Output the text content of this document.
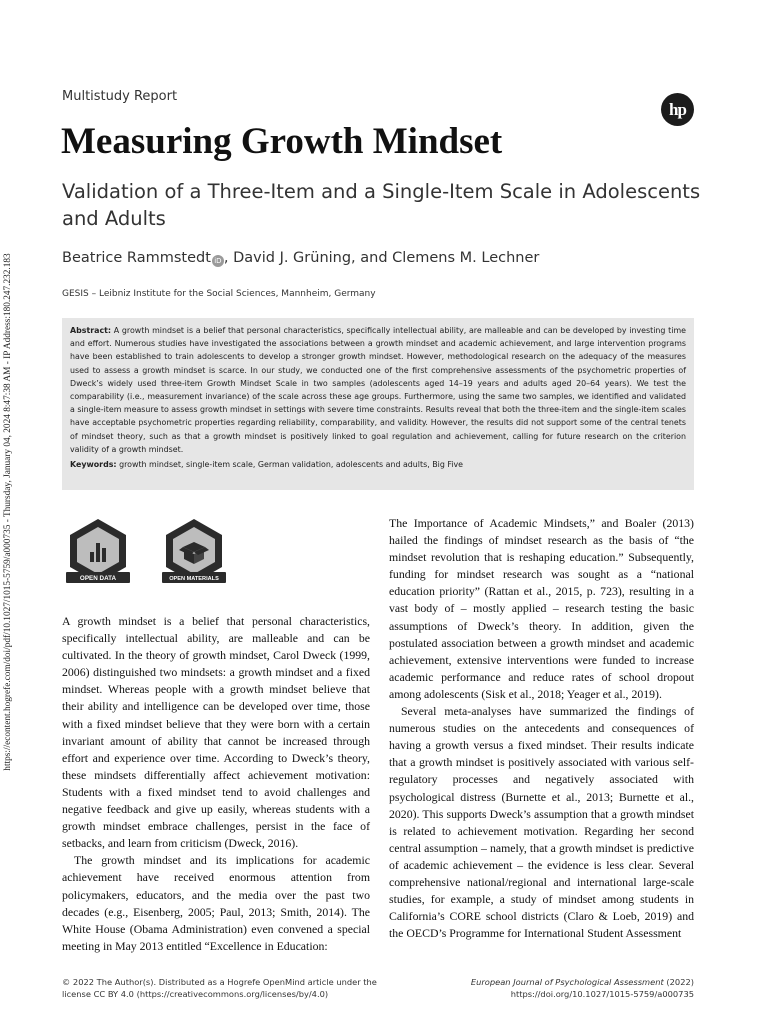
https://econtent.hogrefe.com/doi/pdf/10.1027/1015-5759/a000735 - Thursday, January 04, 2024 8:47:38 AM - IP Address:180.247.232.183
Multistudy Report
hp
Measuring Growth Mindset
Validation of a Three-Item and a Single-Item Scale in Adolescents and Adults
Beatrice Rammstedt iD , David J. Grüning, and Clemens M. Lechner
GESIS – Leibniz Institute for the Social Sciences, Mannheim, Germany
Abstract: A growth mindset is a belief that personal characteristics, specifically intellectual ability, are malleable and can be developed by investing time and effort. Numerous studies have investigated the associations between a growth mindset and academic achievement, and large intervention programs have been established to train adolescents to develop a stronger growth mindset. However, methodological research on the adequacy of the measures used to assess a growth mindset is scarce. In our study, we conducted one of the first comprehensive assessments of the psychometric properties of Dweck’s widely used three-item Growth Mindset Scale in two samples (adolescents aged 14–19 years and adults aged 20–64 years). We test the comparability (i.e., measurement invariance) of the scale across these age groups. Furthermore, using the same two samples, we identified and validated a single-item measure to assess growth mindset in settings with severe time constraints. Results reveal that both the three-item and the single-item scales have acceptable psychometric properties regarding reliability, comparability, and validity. However, the results did not support some of the central tenets of mindset theory, such as that a growth mindset is positively linked to goal regulation and achievement, calling for future research on the criterion validity of a growth mindset.
Keywords: growth mindset, single-item scale, German validation, adolescents and adults, Big Five
OPEN DATA	OPEN MATERIALS

A growth mindset is a belief that personal characteristics, specifically intellectual ability, are malleable and can be cultivated. In the theory of growth mindset, Carol Dweck (1999, 2006) distinguished two mindsets: a growth mindset and a fixed mindset. Whereas people with a growth mindset believe that their ability and intelligence can be developed over time, those with a fixed mindset believe that they were born with a certain invariant amount of ability that cannot be increased through effort and experience over time. According to Dweck’s theory, these mindsets differentially affect achievement motivation: Students with a fixed mindset tend to avoid challenges and negative feedback and give up easily, whereas students with a growth mindset embrace challenges, persist in the face of setbacks, and learn from criticism (Dweck, 2016).

The growth mindset and its implications for academic achievement have received enormous attention from policymakers, educators, and the media over the past two decades (e.g., Eisenberg, 2005; Paul, 2013; Smith, 2014). The White House (Obama Administration) even convened a special meeting in May 2013 entitled “Excellence in Education:

The Importance of Academic Mindsets,” and Boaler (2013) hailed the findings of mindset research as the basis of “the mindset revolution that is reshaping education.” Subsequently, funding for mindset research was sought as a “national education priority” (Rattan et al., 2015, p. 723), resulting in a vast body of – mostly applied – research testing the basic assumptions of Dweck’s theory. In addition, given the postulated association between a growth mindset and academic achievement, extensive interventions were funded to increase academic performance and reduce rates of school dropout among adolescents (Sisk et al., 2018; Yeager et al., 2019).

Several meta-analyses have summarized the findings of numerous studies on the antecedents and consequences of having a growth versus a fixed mindset. Their results indicate that a growth mindset is positively associated with various self-regulatory processes and negatively associated with psychological distress (Burnette et al., 2013; Burnette et al., 2020). This supports Dweck’s assumption that a growth mindset is related to achievement motivation. Regarding her second central assumption – namely, that a growth mindset is predictive of academic achievement – the evidence is less clear. Several comprehensive national/regional and international large-scale studies, for example, a study of mindset among students in California’s CORE school districts (Claro & Loeb, 2019) and the OECD’s Programme for International Student Assessment

© 2022 The Author(s). Distributed as a Hogrefe OpenMind article under the
license CC BY 4.0 (https://creativecommons.org/licenses/by/4.0)
European Journal of Psychological Assessment (2022)
https://doi.org/10.1027/1015-5759/a000735
